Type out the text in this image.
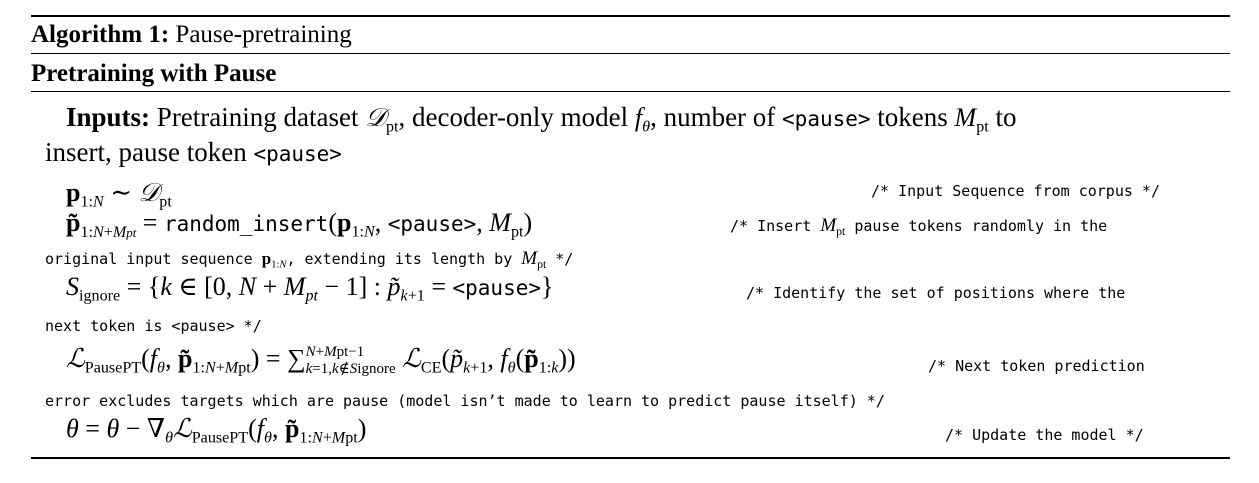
Algorithm 1: Pause-pretraining
Pretraining with Pause
Inputs: Pretraining dataset 𝒟$_{pt}$, decoder-only model $f_\theta$, number of <pause> tokens $M_{pt}$ to
insert, pause token <pause>
$p_{1:N}$ ∼ 𝒟$_{pt}$
/* Input Sequence from corpus */
$p̃_{1:N+Mpt}$ = $random\_insert(p_{1:N}$, <pause>, $M_{pt}$)	/* Insert $M_{pt}$ pause tokens randomly in the
original input sequence $p_{1:N}$, extending its length by $M_{pt}$ */
$S_{ignore} = \{k$ ∈ [0, $N + M_{pt} - 1$] : $p̃_{k+1}$ = <pause>}	/* Identify the set of positions where the
next token is <pause> */
$ℒ_{PausePT}(f_\theta$, $p̃_{1:N+Mpt}$) = ∑ N+Mpt−1
k=1,k∉Signore $ℒ_{CE}(p̃_{k+1}$, $f_\theta(p̃_{1:k})$)	/* Next token prediction
error excludes targets which are pause (model isn’t made to learn to predict pause itself) */
$\theta = \theta - \nabla_\theta ℒ_{PausePT}(f_\theta$, $p̃_{1:N+Mpt}$)	/* Update the model */
